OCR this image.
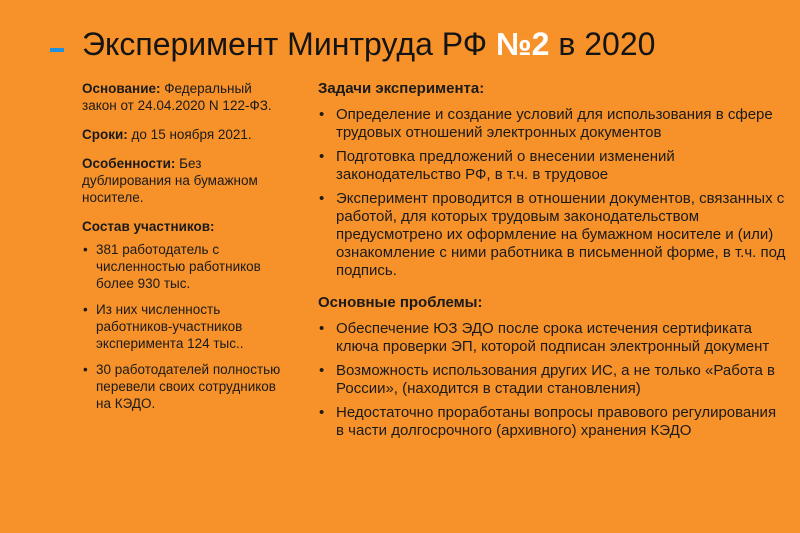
Эксперимент Минтруда РФ №2 в 2020

Основание: Федеральный закон от 24.04.2020 N 122-ФЗ.

Сроки: до 15 ноября 2021.

Особенности: Без дублирования на бумажном носителе.

Состав участников:
• 381 работодатель с численностью работников более 930 тыс.
• Из них численность работников-участников эксперимента 124 тыс..
• 30 работодателей полностью перевели своих сотрудников на КЭДО.
Задачи эксперимента:
• Определение и создание условий для использования в сфере трудовых отношений электронных документов
• Подготовка предложений о внесении изменений законодательство РФ, в т.ч. в трудовое
• Эксперимент проводится в отношении документов, связанных с работой, для которых трудовым законодательством предусмотрено их оформление на бумажном носителе и (или) ознакомление с ними работника в письменной форме, в т.ч. под подпись.
Основные проблемы:
• Обеспечение ЮЗ ЭДО после срока истечения сертификата ключа проверки ЭП, которой подписан электронный документ
• Возможность использования других ИС, а не только «Работа в России», (находится в стадии становления)
• Недостаточно проработаны вопросы правового регулирования в части долгосрочного (архивного) хранения КЭДО
